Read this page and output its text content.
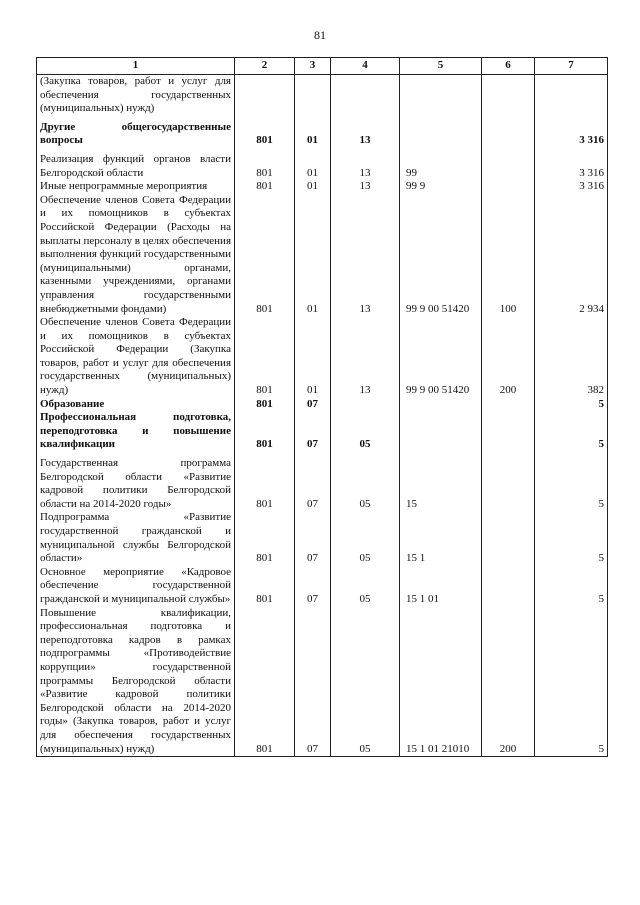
81
1	2	3	4	5	6	7
(Закупка товаров, работ и услуг для обеспечения государственных (муниципальных) нужд)						
Другие общегосударственные вопросы	801	01	13			3 316
Реализация функций органов власти Белгородской области	801	01	13	99		3 316
Иные непрограммные мероприятия	801	01	13	99 9		3 316
Обеспечение членов Совета Федерации и их помощников в субъектах Российской Федерации (Расходы на выплаты персоналу в целях обеспечения выполнения функций государственными (муниципальными) органами, казенными учреждениями, органами управления государственными внебюджетными фондами)	801	01	13	99 9 00 51420	100	2 934
Обеспечение членов Совета Федерации и их помощников в субъектах Российской Федерации (Закупка товаров, работ и услуг для обеспечения государственных (муниципальных) нужд)	801	01	13	99 9 00 51420	200	382
Образование	801	07				5
Профессиональная подготовка, переподготовка и повышение квалификации	801	07	05			5
Государственная программа Белгородской области «Развитие кадровой политики Белгородской области на 2014-2020 годы»	801	07	05	15		5
Подпрограмма «Развитие государственной гражданской и муниципальной службы Белгородской области»	801	07	05	15 1		5
Основное мероприятие «Кадровое обеспечение государственной гражданской и муниципальной службы»	801	07	05	15 1 01		5
Повышение квалификации, профессиональная подготовка и переподготовка кадров в рамках подпрограммы «Противодействие коррупции» государственной программы Белгородской области «Развитие кадровой политики Белгородской области на 2014-2020 годы» (Закупка товаров, работ и услуг для обеспечения государственных (муниципальных) нужд)	801	07	05	15 1 01 21010	200	5
